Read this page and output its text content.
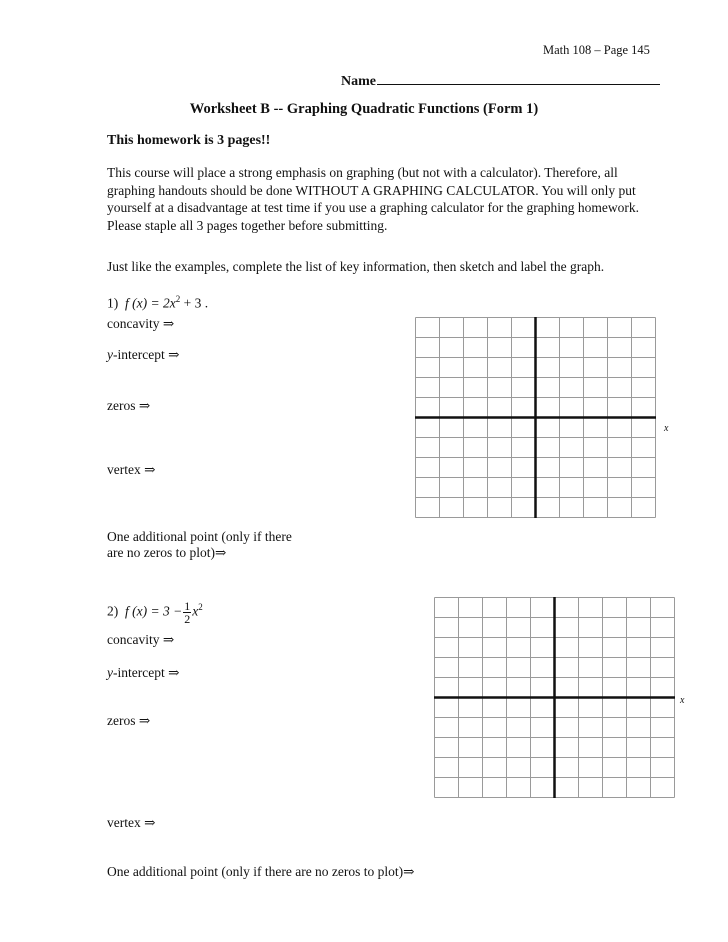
Math 108 – Page 145
Name
Worksheet B -- Graphing Quadratic Functions (Form 1)
This homework is 3 pages!!
This course will place a strong emphasis on graphing (but not with a calculator). Therefore, all graphing handouts should be done WITHOUT A GRAPHING CALCULATOR. You will only put yourself at a disadvantage at test time if you use a graphing calculator for the graphing homework. Please staple all 3 pages together before submitting.
Just like the examples, complete the list of key information, then sketch and label the graph.
1) f $(x) = 2x^2 + 3$ .
concavity ⇒
y-intercept ⇒
zeros ⇒
vertex ⇒
One additional point (only if there
are no zeros to plot)⇒
x
2) f $(x) = 3 - \frac{1}{2} x^2$
concavity ⇒
y-intercept ⇒
zeros ⇒
vertex ⇒
One additional point (only if there are no zeros to plot)⇒
x
